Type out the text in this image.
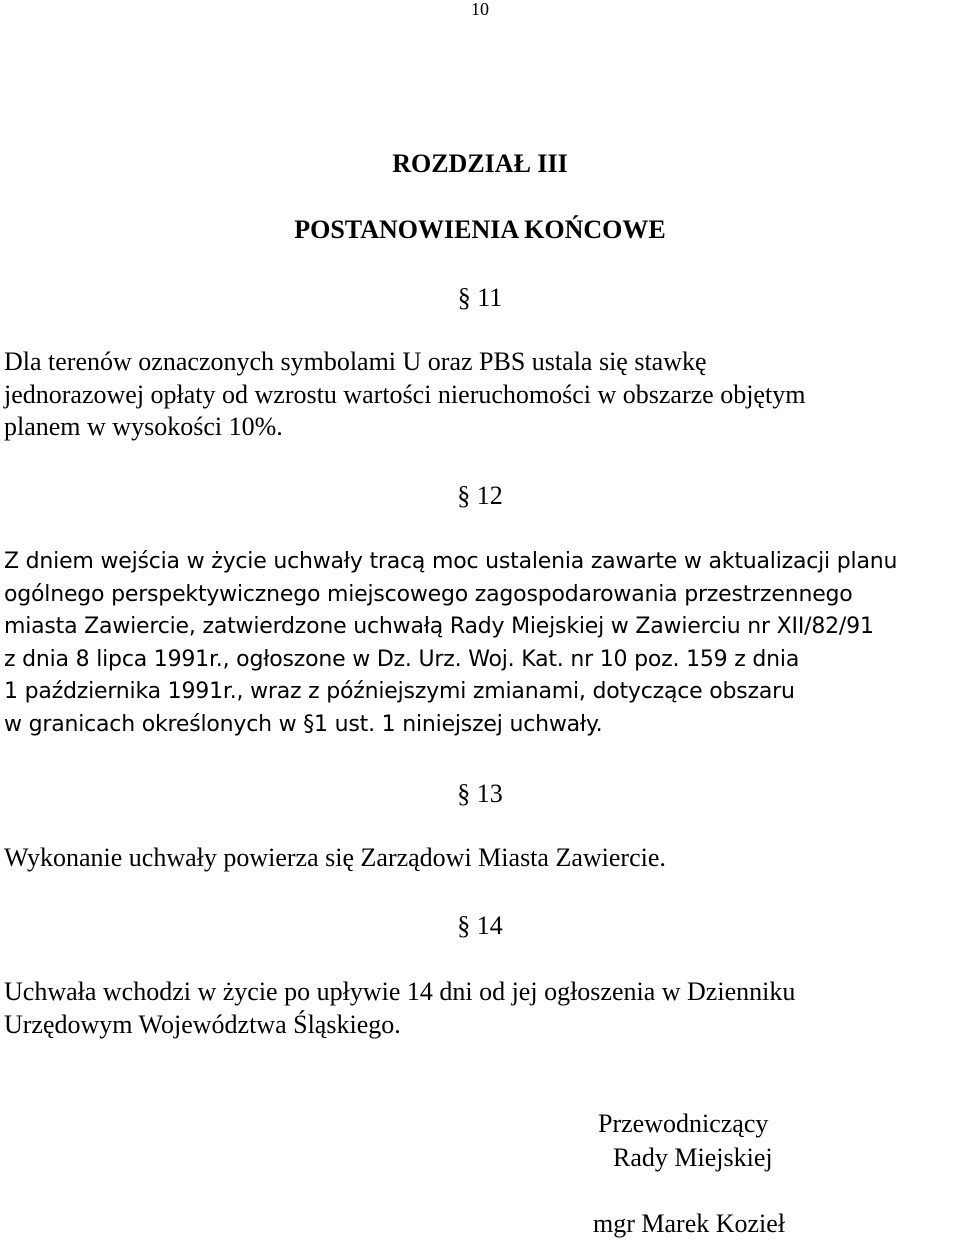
10
ROZDZIAŁ III
POSTANOWIENIA KOŃCOWE
§ 11
Dla terenów oznaczonych symbolami U oraz PBS ustala się stawkę
jednorazowej opłaty od wzrostu wartości nieruchomości w obszarze objętym
planem w wysokości 10%.
§ 12
Z dniem wejścia w życie uchwały tracą moc ustalenia zawarte w aktualizacji planu
ogólnego perspektywicznego miejscowego zagospodarowania przestrzennego
miasta Zawiercie, zatwierdzone uchwałą Rady Miejskiej w Zawierciu nr XII/82/91
z dnia 8 lipca 1991r., ogłoszone w Dz. Urz. Woj. Kat. nr 10 poz. 159 z dnia
1 października 1991r., wraz z późniejszymi zmianami, dotyczące obszaru
w granicach określonych w §1 ust. 1 niniejszej uchwały.
§ 13
Wykonanie uchwały powierza się Zarządowi Miasta Zawiercie.
§ 14
Uchwała wchodzi w życie po upływie 14 dni od jej ogłoszenia w Dzienniku
Urzędowym Województwa Śląskiego.
Przewodniczący
Rady Miejskiej
mgr Marek Kozieł
